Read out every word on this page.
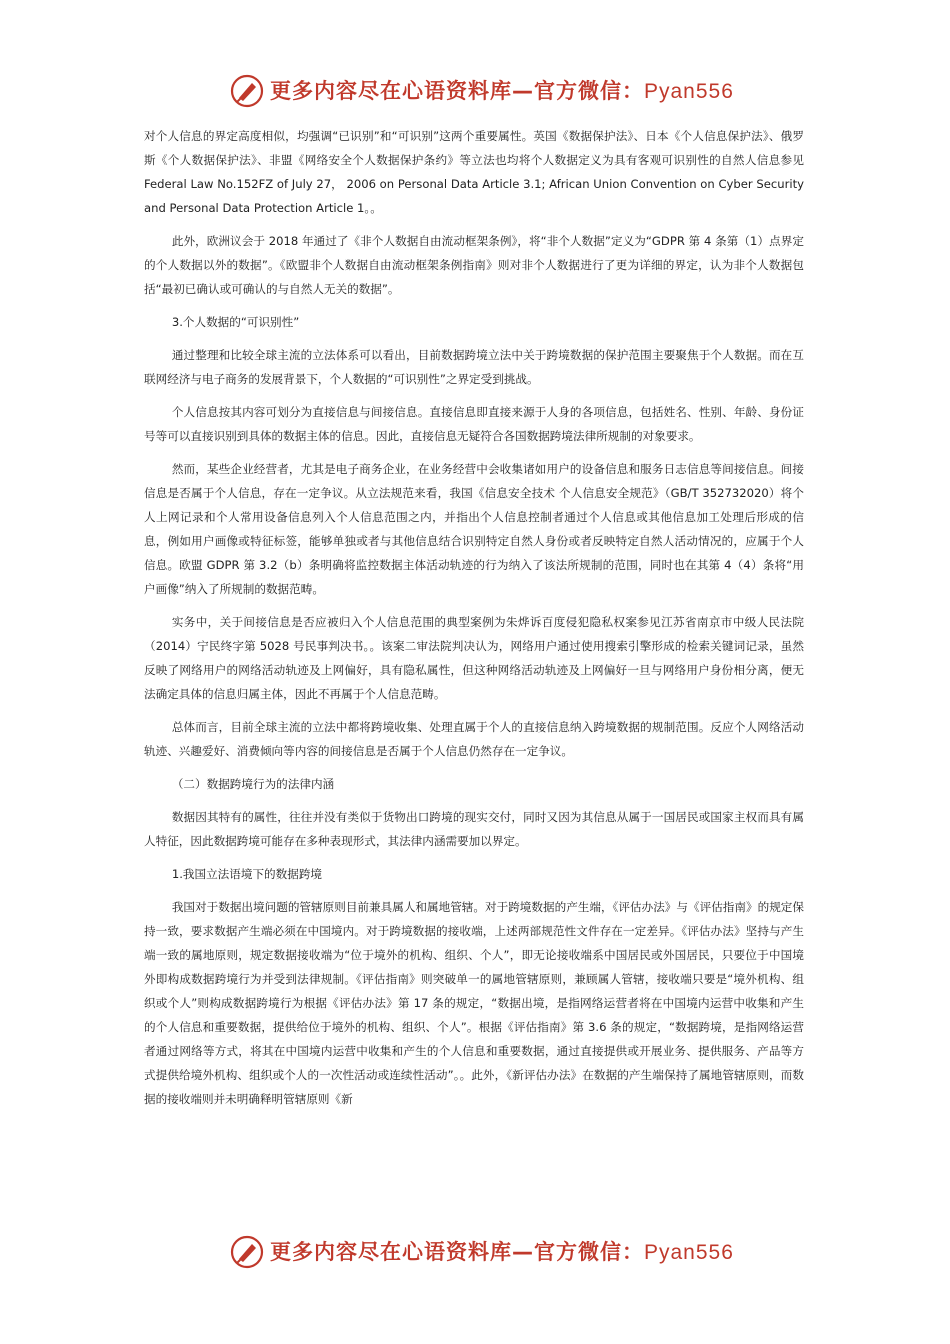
更多内容尽在心语资料库—官方微信：Pyan556

对个人信息的界定高度相似，均强调“已识别”和“可识别”这两个重要属性。英国《数据保护法》、日本《个人信息保护法》、俄罗斯《个人数据保护法》、非盟《网络安全个人数据保护条约》等立法也均将个人数据定义为具有客观可识别性的自然人信息参见 Federal Law No.152FZ of July 27， 2006 on Personal Data Article 3.1; African Union Convention on Cyber Security and Personal Data Protection Article 1。。

此外，欧洲议会于 2018 年通过了《非个人数据自由流动框架条例》，将“非个人数据”定义为“GDPR 第 4 条第（1）点界定的个人数据以外的数据”。《欧盟非个人数据自由流动框架条例指南》则对非个人数据进行了更为详细的界定，认为非个人数据包括“最初已确认或可确认的与自然人无关的数据”。

3.个人数据的“可识别性”

通过整理和比较全球主流的立法体系可以看出，目前数据跨境立法中关于跨境数据的保护范围主要聚焦于个人数据。而在互联网经济与电子商务的发展背景下，个人数据的“可识别性”之界定受到挑战。

个人信息按其内容可划分为直接信息与间接信息。直接信息即直接来源于人身的各项信息，包括姓名、性别、年龄、身份证号等可以直接识别到具体的数据主体的信息。因此，直接信息无疑符合各国数据跨境法律所规制的对象要求。

然而，某些企业经营者，尤其是电子商务企业，在业务经营中会收集诸如用户的设备信息和服务日志信息等间接信息。间接信息是否属于个人信息，存在一定争议。从立法规范来看，我国《信息安全技术 个人信息安全规范》（GB/T 352732020）将个人上网记录和个人常用设备信息列入个人信息范围之内，并指出个人信息控制者通过个人信息或其他信息加工处理后形成的信息，例如用户画像或特征标签，能够单独或者与其他信息结合识别特定自然人身份或者反映特定自然人活动情况的，应属于个人信息。欧盟 GDPR 第 3.2（b）条明确将监控数据主体活动轨迹的行为纳入了该法所规制的范围，同时也在其第 4（4）条将“用户画像”纳入了所规制的数据范畴。

实务中，关于间接信息是否应被归入个人信息范围的典型案例为朱烨诉百度侵犯隐私权案参见江苏省南京市中级人民法院（2014）宁民终字第 5028 号民事判决书。。该案二审法院判决认为，网络用户通过使用搜索引擎形成的检索关键词记录，虽然反映了网络用户的网络活动轨迹及上网偏好，具有隐私属性，但这种网络活动轨迹及上网偏好一旦与网络用户身份相分离，便无法确定具体的信息归属主体，因此不再属于个人信息范畴。

总体而言，目前全球主流的立法中都将跨境收集、处理直属于个人的直接信息纳入跨境数据的规制范围。反应个人网络活动轨迹、兴趣爱好、消费倾向等内容的间接信息是否属于个人信息仍然存在一定争议。

（二）数据跨境行为的法律内涵

数据因其特有的属性，往往并没有类似于货物出口跨境的现实交付，同时又因为其信息从属于一国居民或国家主权而具有属人特征，因此数据跨境可能存在多种表现形式，其法律内涵需要加以界定。

1.我国立法语境下的数据跨境

我国对于数据出境问题的管辖原则目前兼具属人和属地管辖。对于跨境数据的产生端，《评估办法》与《评估指南》的规定保持一致，要求数据产生端必须在中国境内。对于跨境数据的接收端，上述两部规范性文件存在一定差异。《评估办法》坚持与产生端一致的属地原则，规定数据接收端为“位于境外的机构、组织、个人”，即无论接收端系中国居民或外国居民，只要位于中国境外即构成数据跨境行为并受到法律规制。《评估指南》则突破单一的属地管辖原则，兼顾属人管辖，接收端只要是“境外机构、组织或个人”则构成数据跨境行为根据《评估办法》第 17 条的规定，“数据出境，是指网络运营者将在中国境内运营中收集和产生的个人信息和重要数据，提供给位于境外的机构、组织、个人”。根据《评估指南》第 3.6 条的规定，“数据跨境，是指网络运营者通过网络等方式，将其在中国境内运营中收集和产生的个人信息和重要数据，通过直接提供或开展业务、提供服务、产品等方式提供给境外机构、组织或个人的一次性活动或连续性活动”。。此外，《新评估办法》在数据的产生端保持了属地管辖原则，而数据的接收端则并未明确释明管辖原则《新

更多内容尽在心语资料库—官方微信：Pyan556
